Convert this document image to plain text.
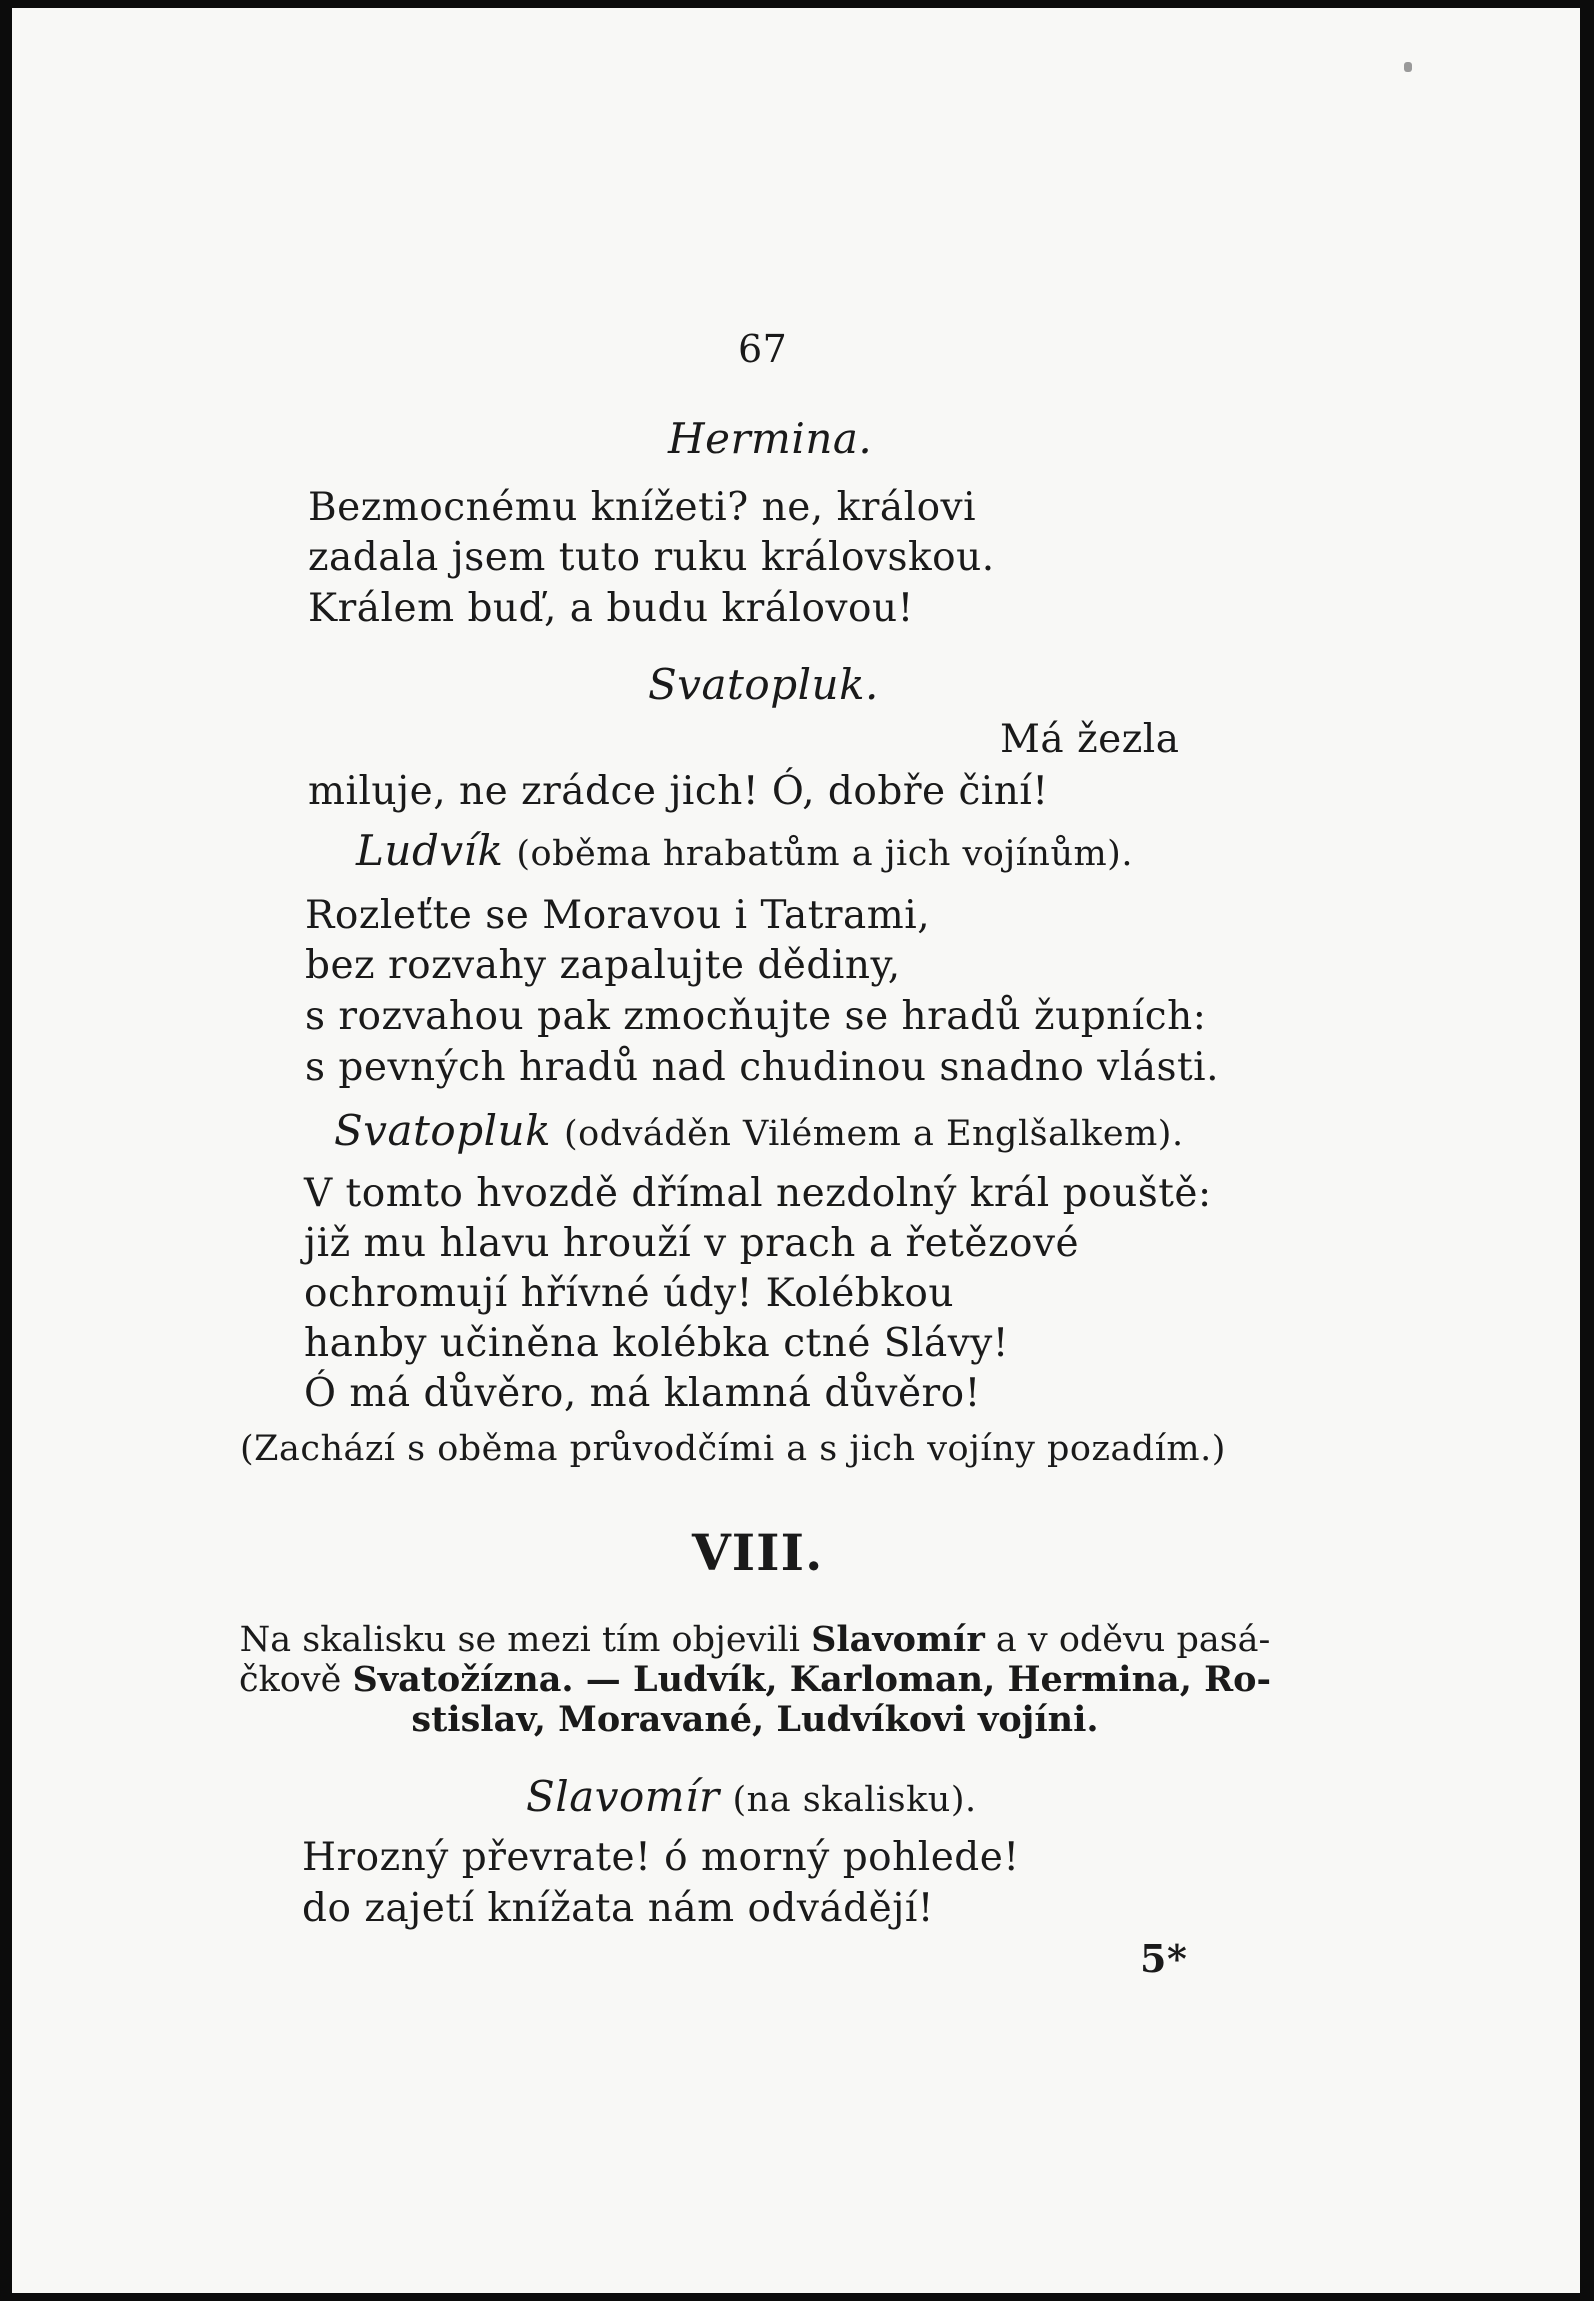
67
Hermina.
Bezmocnému knížeti? ne, královi
zadala jsem tuto ruku královskou.
Králem buď, a budu královou!
Svatopluk.
Má žezla
miluje, ne zrádce jich! Ó, dobře činí!
Ludvík (oběma hrabatům a jich vojínům).
Rozleťte se Moravou i Tatrami,
bez rozvahy zapalujte dědiny,
s rozvahou pak zmocňujte se hradů župních:
s pevných hradů nad chudinou snadno vlásti.
Svatopluk (odváděn Vilémem a Englšalkem).
V tomto hvozdě dřímal nezdolný král pouště:
již mu hlavu hrouží v prach a řetězové
ochromují hřívné údy! Kolébkou
hanby učiněna kolébka ctné Slávy!
Ó má důvěro, má klamná důvěro!
(Zachází s oběma průvodčími a s jich vojíny pozadím.)
VIII.
Na skalisku se mezi tím objevili Slavomír a v oděvu pasá-
čkově Svatožízna. — Ludvík, Karloman, Hermina, Ro-
stislav, Moravané, Ludvíkovi vojíni.
Slavomír (na skalisku).
Hrozný převrate! ó morný pohlede!
do zajetí knížata nám odvádějí!
5*
